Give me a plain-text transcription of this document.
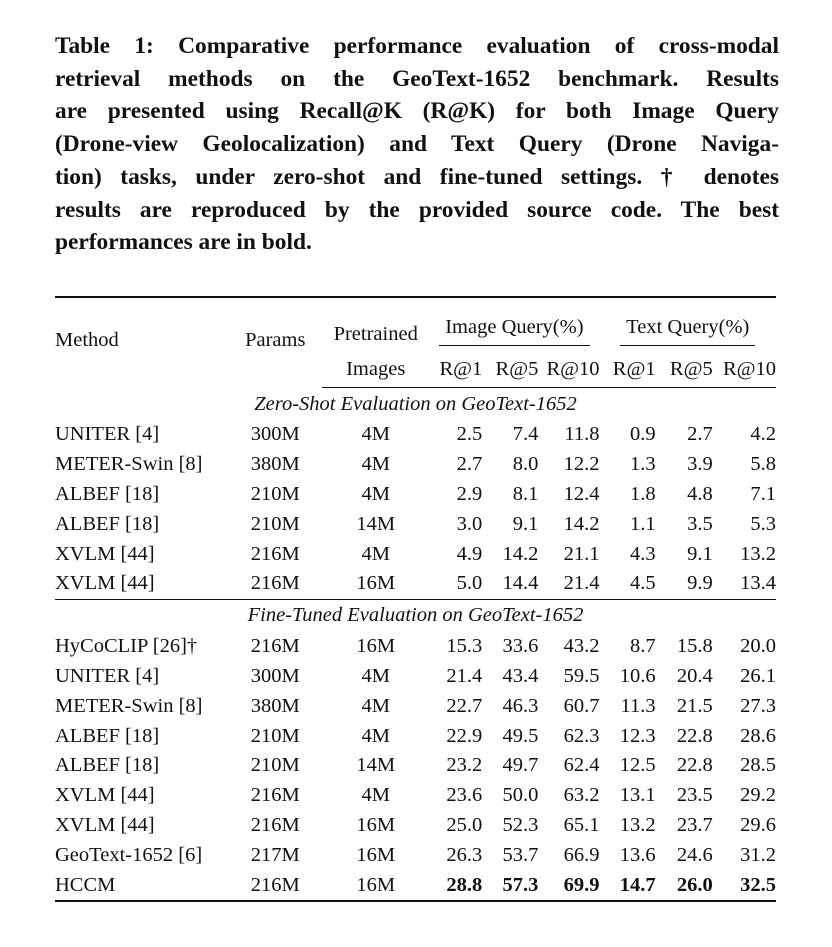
Table 1: Comparative performance evaluation of cross-modal
retrieval methods on the GeoText-1652 benchmark. Results
are presented using Recall@K (R@K) for both Image Query
(Drone-view Geolocalization) and Text Query (Drone Naviga-
tion) tasks, under zero-shot and fine-tuned settings. † denotes
results are reproduced by the provided source code. The best
performances are in bold.

Method	Params	Pretrained	Image Query(%)			Text Query(%)		
		Images	R@1	R@5	R@10	R@1	R@5	R@10
Zero-Shot Evaluation on GeoText-1652								
UNITER [4]	300M	4M	2.5	7.4	11.8	0.9	2.7	4.2
METER-Swin [8]	380M	4M	2.7	8.0	12.2	1.3	3.9	5.8
ALBEF [18]	210M	4M	2.9	8.1	12.4	1.8	4.8	7.1
ALBEF [18]	210M	14M	3.0	9.1	14.2	1.1	3.5	5.3
XVLM [44]	216M	4M	4.9	14.2	21.1	4.3	9.1	13.2
XVLM [44]	216M	16M	5.0	14.4	21.4	4.5	9.9	13.4
Fine-Tuned Evaluation on GeoText-1652								
HyCoCLIP [26]†	216M	16M	15.3	33.6	43.2	8.7	15.8	20.0
UNITER [4]	300M	4M	21.4	43.4	59.5	10.6	20.4	26.1
METER-Swin [8]	380M	4M	22.7	46.3	60.7	11.3	21.5	27.3
ALBEF [18]	210M	4M	22.9	49.5	62.3	12.3	22.8	28.6
ALBEF [18]	210M	14M	23.2	49.7	62.4	12.5	22.8	28.5
XVLM [44]	216M	4M	23.6	50.0	63.2	13.1	23.5	29.2
XVLM [44]	216M	16M	25.0	52.3	65.1	13.2	23.7	29.6
GeoText-1652 [6]	217M	16M	26.3	53.7	66.9	13.6	24.6	31.2
HCCM	216M	16M	28.8	57.3	69.9	14.7	26.0	32.5
